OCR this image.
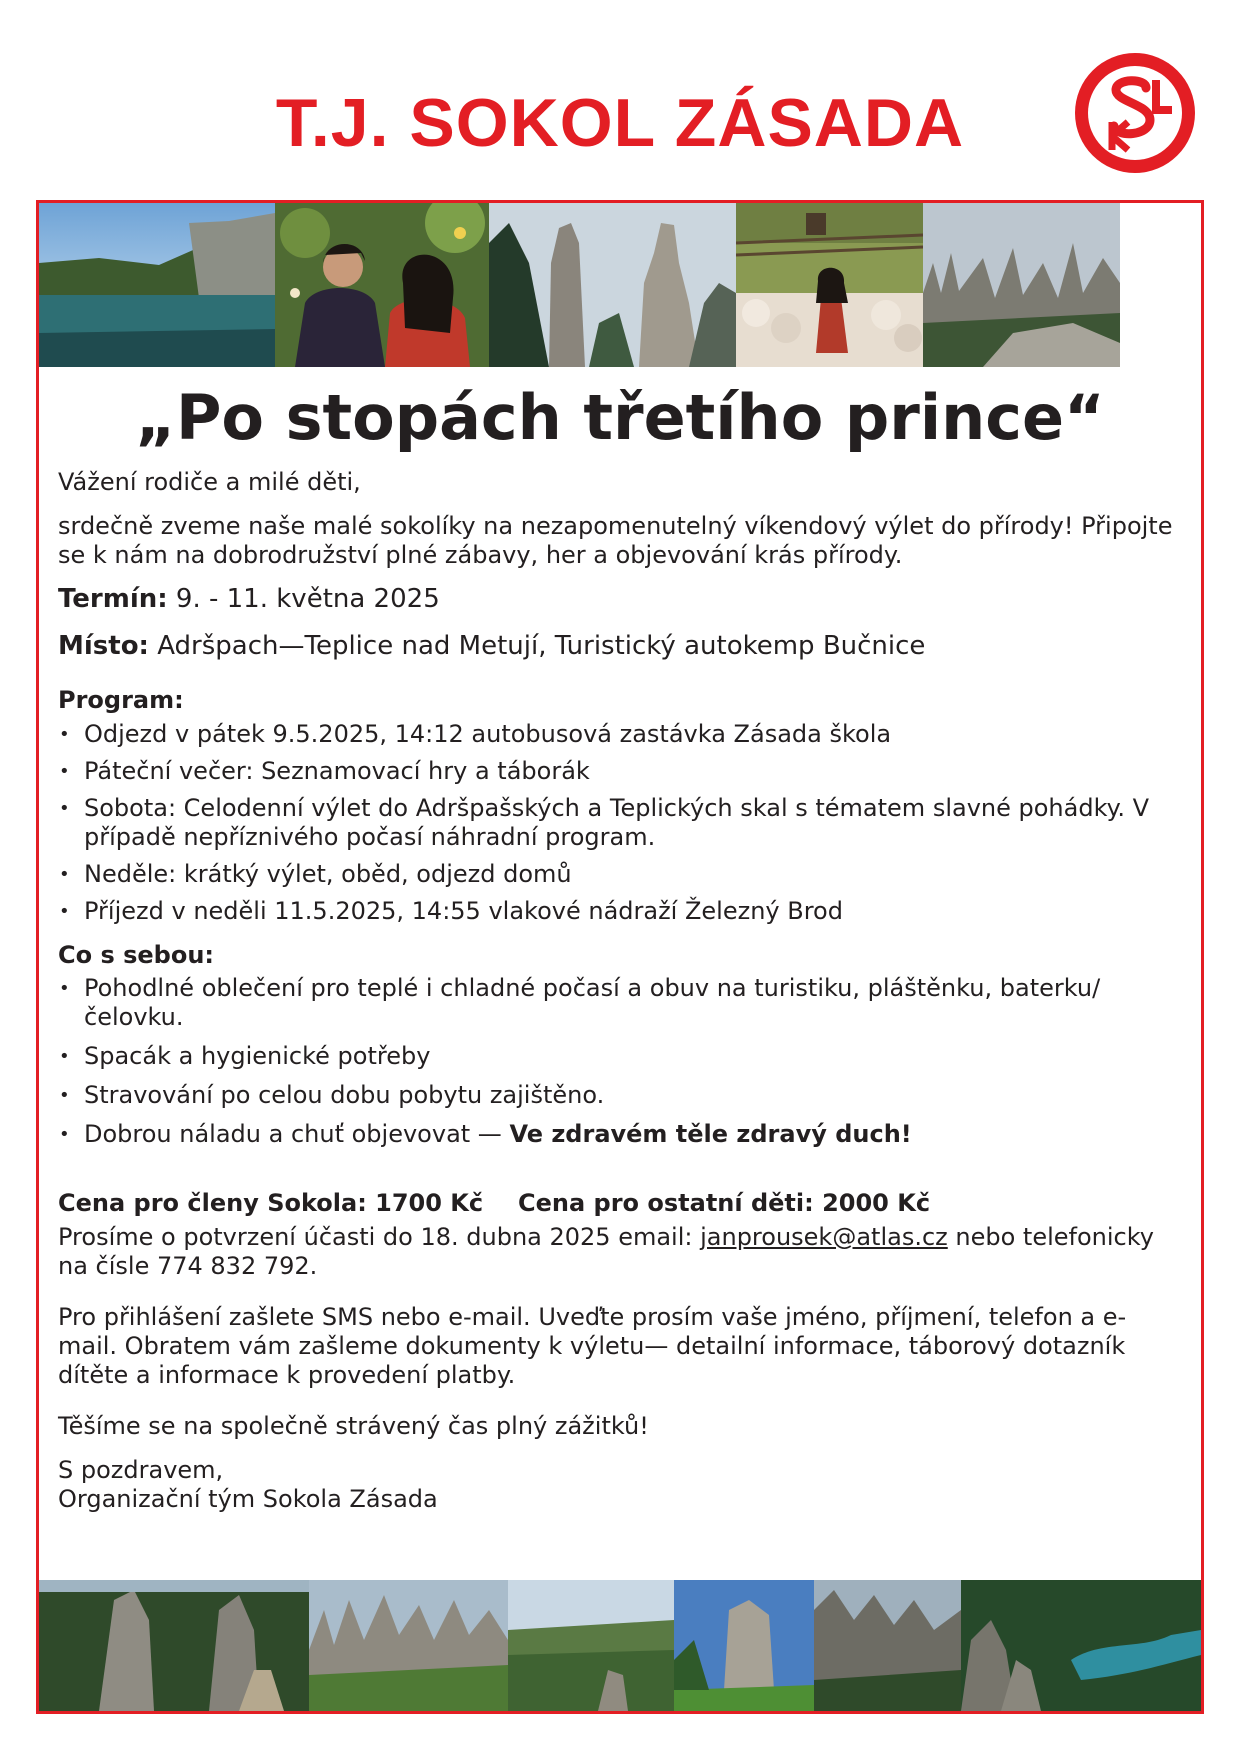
T.J. SOKOL ZÁSADA
„Po stopách třetího prince“

Vážení rodiče a milé děti,

srdečně zveme naše malé sokolíky na nezapomenutelný víkendový výlet do přírody! Připojte se k nám na dobrodružství plné zábavy, her a objevování krás přírody.

Termín: 9. - 11. května 2025

Místo: Adršpach—Teplice nad Metují, Turistický autokemp Bučnice

Program:

• Odjezd v pátek 9.5.2025, 14:12 autobusová zastávka Zásada škola
• Páteční večer: Seznamovací hry a táborák
• Sobota: Celodenní výlet do Adršpašských a Teplických skal s tématem slavné pohádky. V případě nepříznivého počasí náhradní program.
• Neděle: krátký výlet, oběd, odjezd domů
• Příjezd v neděli 11.5.2025, 14:55 vlakové nádraží Železný Brod

Co s sebou:

• Pohodlné oblečení pro teplé i chladné počasí a obuv na turistiku, pláštěnku, baterku/čelovku.
• Spacák a hygienické potřeby
• Stravování po celou dobu pobytu zajištěno.
• Dobrou náladu a chuť objevovat — Ve zdravém těle zdravý duch!
Cena pro členy Sokola: 1700 Kč	Cena pro ostatní děti: 2000 Kč

Prosíme o potvrzení účasti do 18. dubna 2025 email: janprousek@atlas.cz nebo telefonicky na čísle 774 832 792.

Pro přihlášení zašlete SMS nebo e-mail. Uveďte prosím vaše jméno, příjmení, telefon a e-mail. Obratem vám zašleme dokumenty k výletu— detailní informace, táborový dotazník dítěte a informace k provedení platby.

Těšíme se na společně strávený čas plný zážitků!

S pozdravem,

Organizační tým Sokola Zásada
